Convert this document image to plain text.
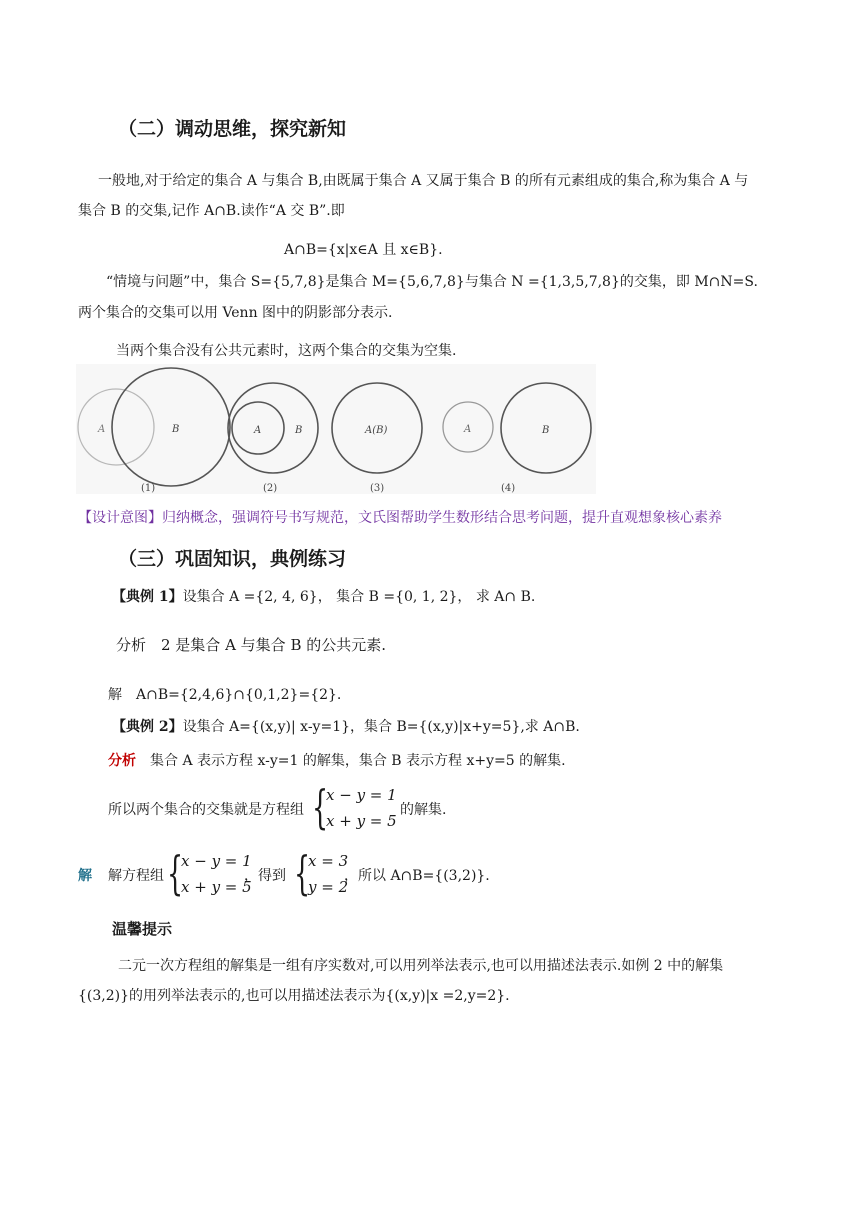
（二）调动思维，探究新知
一般地,对于给定的集合 A 与集合 B,由既属于集合 A 又属于集合 B 的所有元素组成的集合,称为集合 A 与
集合 B 的交集,记作 A∩B.读作“A 交 B”.即
A∩B={x|x∈A 且 x∈B}.
“情境与问题”中，集合 S={5,7,8}是集合 M={5,6,7,8}与集合 N ={1,3,5,7,8}的交集，即 M∩N=S.
两个集合的交集可以用 Venn 图中的阴影部分表示.
当两个集合没有公共元素时，这两个集合的交集为空集.
A	B
(1)
A	B
(2)
A(B)
(3)
A	B
(4)
【设计意图】归纳概念，强调符号书写规范，文氏图帮助学生数形结合思考问题，提升直观想象核心素养
（三）巩固知识，典例练习
【典例 1】设集合 A ={2, 4, 6}， 集合 B ={0, 1, 2}， 求 A∩ B.
分析　2 是集合 A 与集合 B 的公共元素.
解　A∩B={2,4,6}∩{0,1,2}={2}.
【典例 2】设集合 A={(x,y)| x-y=1}，集合 B={(x,y)|x+y=5},求 A∩B.
分析　 集合 A 表示方程 x-y=1 的解集，集合 B 表示方程 x+y=5 的解集.
所以两个集合的交集就是方程组 {
x − y = 1
x + y = 5
的解集.
解 解方程组 {
x − y = 1
x + y = 5
，得到 {
x = 3
y = 2
，所以 A∩B={(3,2)}.
温馨提示
二元一次方程组的解集是一组有序实数对,可以用列举法表示,也可以用描述法表示.如例 2 中的解集
{(3,2)}的用列举法表示的,也可以用描述法表示为{(x,y)|x =2,y=2}.
